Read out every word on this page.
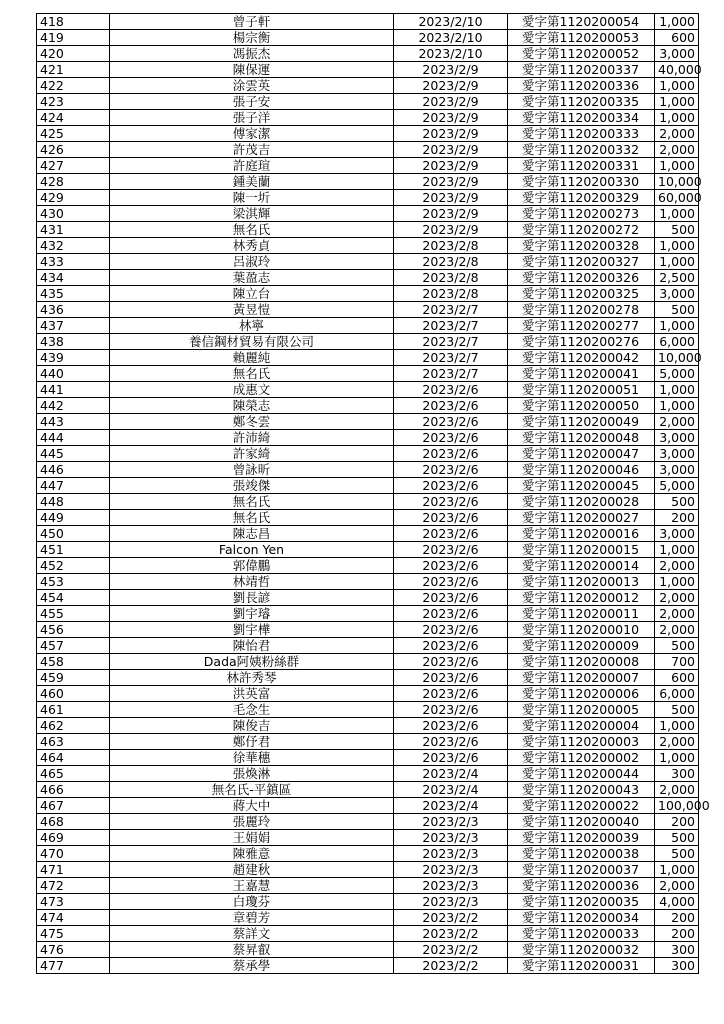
418	曾子軒	2023/2/10	愛字第1120200054	1,000
419	楊宗衡	2023/2/10	愛字第1120200053	600
420	馮振杰	2023/2/10	愛字第1120200052	3,000
421	陳保運	2023/2/9	愛字第1120200337	40,000
422	涂雲英	2023/2/9	愛字第1120200336	1,000
423	張子安	2023/2/9	愛字第1120200335	1,000
424	張子洋	2023/2/9	愛字第1120200334	1,000
425	傅家潔	2023/2/9	愛字第1120200333	2,000
426	許茂吉	2023/2/9	愛字第1120200332	2,000
427	許庭瑄	2023/2/9	愛字第1120200331	1,000
428	鍾美蘭	2023/2/9	愛字第1120200330	10,000
429	陳一圻	2023/2/9	愛字第1120200329	60,000
430	梁淇輝	2023/2/9	愛字第1120200273	1,000
431	無名氏	2023/2/9	愛字第1120200272	500
432	林秀貞	2023/2/8	愛字第1120200328	1,000
433	呂淑玲	2023/2/8	愛字第1120200327	1,000
434	葉盈志	2023/2/8	愛字第1120200326	2,500
435	陳立台	2023/2/8	愛字第1120200325	3,000
436	黃昱愷	2023/2/7	愛字第1120200278	500
437	林寧	2023/2/7	愛字第1120200277	1,000
438	養信鋼材貿易有限公司	2023/2/7	愛字第1120200276	6,000
439	賴麗純	2023/2/7	愛字第1120200042	10,000
440	無名氏	2023/2/7	愛字第1120200041	5,000
441	成惠文	2023/2/6	愛字第1120200051	1,000
442	陳榮志	2023/2/6	愛字第1120200050	1,000
443	鄭冬雲	2023/2/6	愛字第1120200049	2,000
444	許沛綺	2023/2/6	愛字第1120200048	3,000
445	許家綺	2023/2/6	愛字第1120200047	3,000
446	曾詠昕	2023/2/6	愛字第1120200046	3,000
447	張竣傑	2023/2/6	愛字第1120200045	5,000
448	無名氏	2023/2/6	愛字第1120200028	500
449	無名氏	2023/2/6	愛字第1120200027	200
450	陳志昌	2023/2/6	愛字第1120200016	3,000
451	Falcon Yen	2023/2/6	愛字第1120200015	1,000
452	郭偉鵬	2023/2/6	愛字第1120200014	2,000
453	林靖哲	2023/2/6	愛字第1120200013	1,000
454	劉長諺	2023/2/6	愛字第1120200012	2,000
455	劉宇璿	2023/2/6	愛字第1120200011	2,000
456	劉宇樺	2023/2/6	愛字第1120200010	2,000
457	陳怡君	2023/2/6	愛字第1120200009	500
458	Dada阿姨粉絲群	2023/2/6	愛字第1120200008	700
459	林許秀琴	2023/2/6	愛字第1120200007	600
460	洪英富	2023/2/6	愛字第1120200006	6,000
461	毛念生	2023/2/6	愛字第1120200005	500
462	陳俊吉	2023/2/6	愛字第1120200004	1,000
463	鄭伃君	2023/2/6	愛字第1120200003	2,000
464	徐華穗	2023/2/6	愛字第1120200002	1,000
465	張煥淋	2023/2/4	愛字第1120200044	300
466	無名氏-平鎮區	2023/2/4	愛字第1120200043	2,000
467	蔣大中	2023/2/4	愛字第1120200022	100,000
468	張麗玲	2023/2/3	愛字第1120200040	200
469	王娟娟	2023/2/3	愛字第1120200039	500
470	陳雅意	2023/2/3	愛字第1120200038	500
471	趙建秋	2023/2/3	愛字第1120200037	1,000
472	王嘉慧	2023/2/3	愛字第1120200036	2,000
473	白瓊芬	2023/2/3	愛字第1120200035	4,000
474	章碧芳	2023/2/2	愛字第1120200034	200
475	蔡詳文	2023/2/2	愛字第1120200033	200
476	蔡昇叡	2023/2/2	愛字第1120200032	300
477	蔡承學	2023/2/2	愛字第1120200031	300
